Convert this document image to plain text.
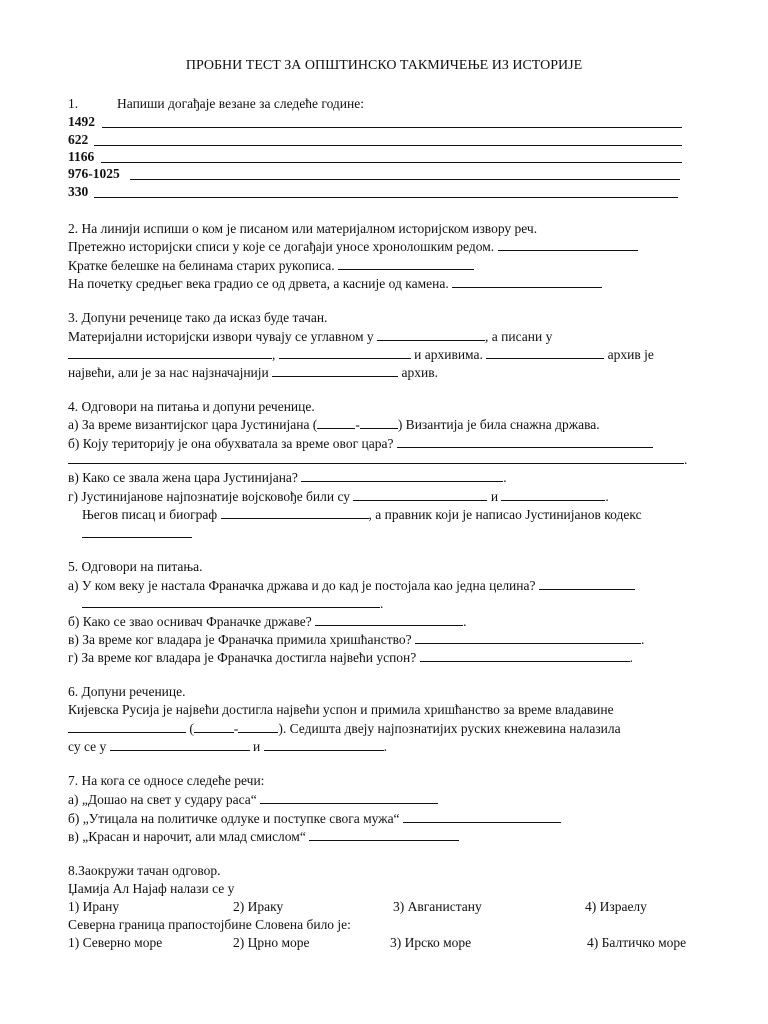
ПРОБНИ ТЕСТ ЗА ОПШТИНСКО ТАКМИЧЕЊЕ ИЗ ИСТОРИЈЕ
1.	Напиши догађаје везане за следеће године:
1492
622
1166
976-1025
330
2. На линији испиши о ком је писаном или материјалном историјском извору реч.
Претежно историјски списи у које се догађаји уносе хронолошким редом.
Кратке белешке на белинама старих рукописа.
На почетку средњег века градио се од дрвета, а касније од камена.
3. Допуни реченице тако да исказ буде тачан.
Материјални историјски извори чувају се углавном у	, а писани у
,	и архивима.	архив је
највећи, али је за нас најзначајнији	архив.
4. Одговори на питања и допуни реченице.
а) За време византијског цара Јустинијана (	-	) Византија је била снажна држава.
б) Коју територију је она обухватала за време овог цара?
.
в) Како се звала жена цара Јустинијана?	.
г) Јустинијанове најпознатије војсковође били су	и	.
Његов писац и биограф	, а правник који је написао Јустинијанов кодекс
5. Одговори на питања.
а) У ком веку је настала Франачка држава и до кад је постојала као једна целина?
.
б) Како се звао оснивач Франачке државе?	.
в) За време ког владара је Франачка примила хришћанство?	.
г) За време ког владара је Франачка достигла највећи успон?	.
6. Допуни реченице.
Кијевска Русија је највећи достигла највећи успон и примила хришћанство за време владавине
(	-	). Седишта двеју најпознатијих руских кнежевина налазила
су се у	и	.
7. На кога се односе следеће речи:
а) „Дошао на свет у судару раса“
б) „Утицала на политичке одлуке и поступке свога мужа“
в) „Красан и нарочит, али млад смислом“
8.Заокружи тачан одговор.
Џамија Ал Најаф налази се у
1) Ирану	2) Ираку	3) Авганистану	4) Израелу
Северна граница прапостојбине Словена било је:
1) Северно море	2) Црно море	3) Ирско море	4) Балтичко море
